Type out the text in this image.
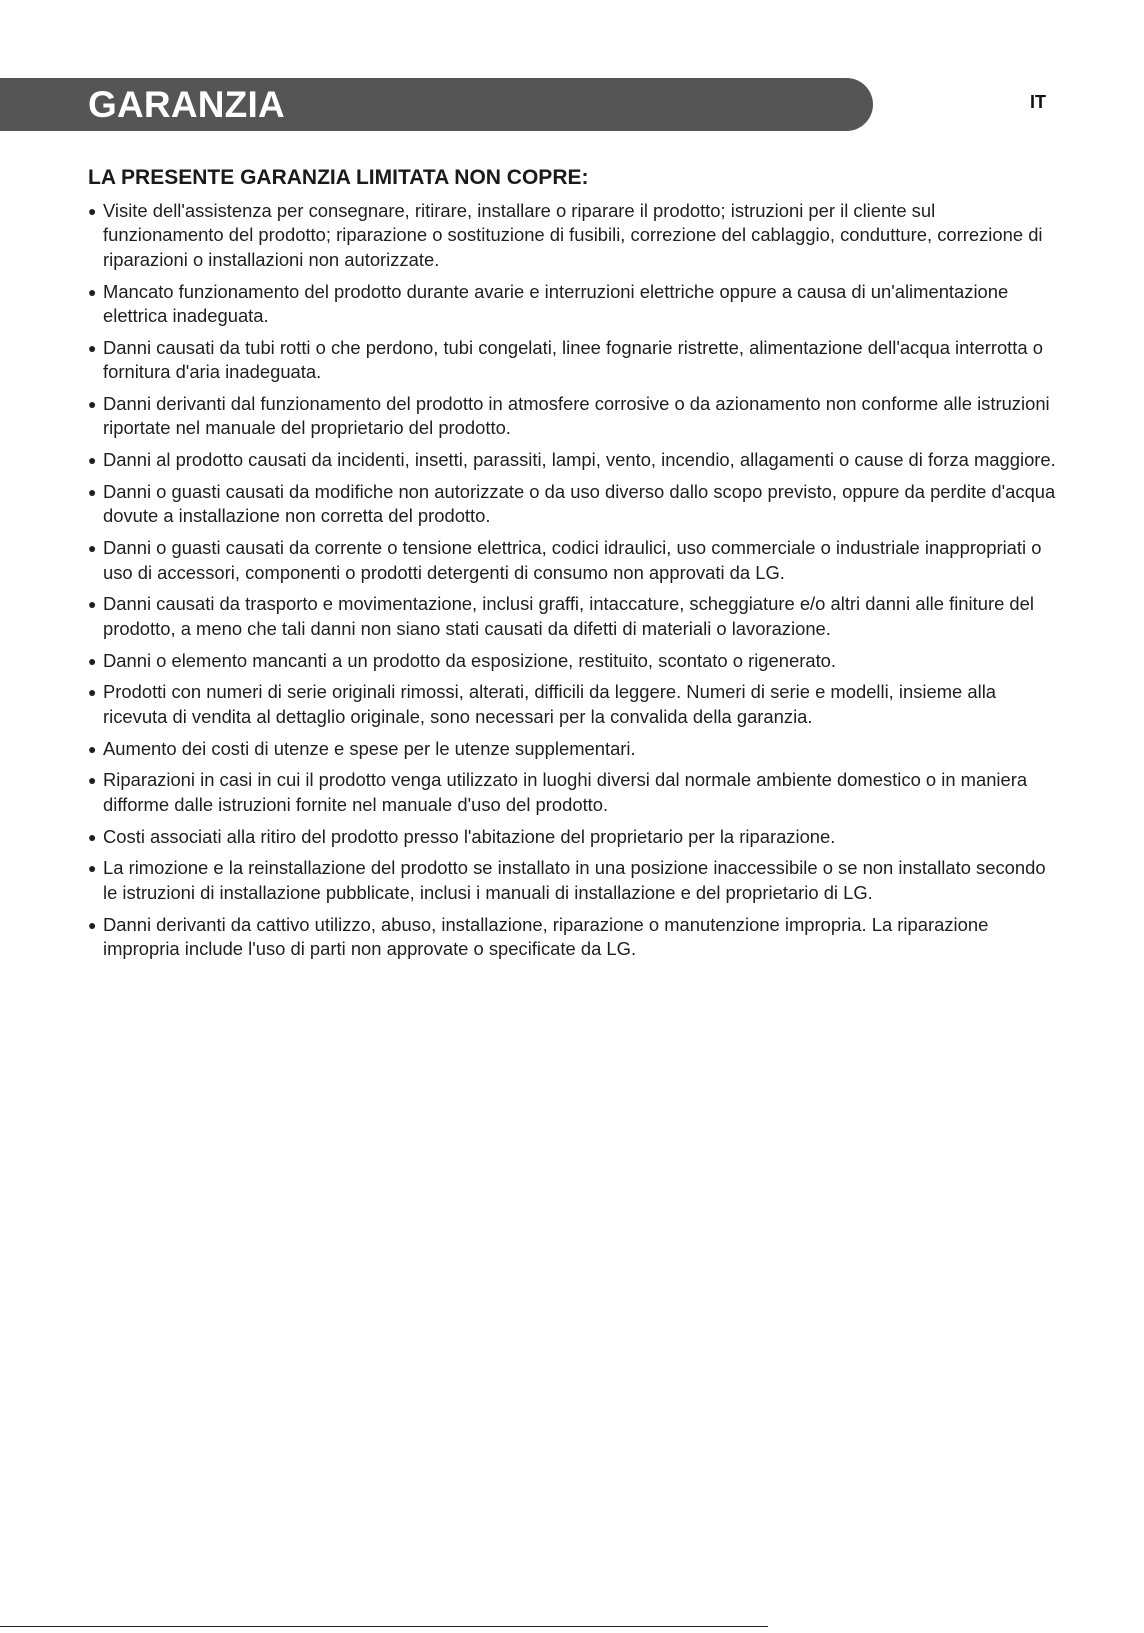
GARANZIA	IT
LA PRESENTE GARANZIA LIMITATA NON COPRE:
● Visite dell'assistenza per consegnare, ritirare, installare o riparare il prodotto; istruzioni per il cliente sul funzionamento del prodotto; riparazione o sostituzione di fusibili, correzione del cablaggio, condutture, correzione di riparazioni o installazioni non autorizzate.
● Mancato funzionamento del prodotto durante avarie e interruzioni elettriche oppure a causa di un'alimentazione elettrica inadeguata.
● Danni causati da tubi rotti o che perdono, tubi congelati, linee fognarie ristrette, alimentazione dell'acqua interrotta o fornitura d'aria inadeguata.
● Danni derivanti dal funzionamento del prodotto in atmosfere corrosive o da azionamento non conforme alle istruzioni riportate nel manuale del proprietario del prodotto.
● Danni al prodotto causati da incidenti, insetti, parassiti, lampi, vento, incendio, allagamenti o cause di forza maggiore.
● Danni o guasti causati da modifiche non autorizzate o da uso diverso dallo scopo previsto, oppure da perdite d'acqua dovute a installazione non corretta del prodotto.
● Danni o guasti causati da corrente o tensione elettrica, codici idraulici, uso commerciale o industriale inappropriati o uso di accessori, componenti o prodotti detergenti di consumo non approvati da LG.
● Danni causati da trasporto e movimentazione, inclusi graffi, intaccature, scheggiature e/o altri danni alle finiture del prodotto, a meno che tali danni non siano stati causati da difetti di materiali o lavorazione.
● Danni o elemento mancanti a un prodotto da esposizione, restituito, scontato o rigenerato.
● Prodotti con numeri di serie originali rimossi, alterati, difficili da leggere. Numeri di serie e modelli, insieme alla ricevuta di vendita al dettaglio originale, sono necessari per la convalida della garanzia.
● Aumento dei costi di utenze e spese per le utenze supplementari.
● Riparazioni in casi in cui il prodotto venga utilizzato in luoghi diversi dal normale ambiente domestico o in maniera difforme dalle istruzioni fornite nel manuale d'uso del prodotto.
● Costi associati alla ritiro del prodotto presso l'abitazione del proprietario per la riparazione.
● La rimozione e la reinstallazione del prodotto se installato in una posizione inaccessibile o se non installato secondo le istruzioni di installazione pubblicate, inclusi i manuali di installazione e del proprietario di LG.
● Danni derivanti da cattivo utilizzo, abuso, installazione, riparazione o manutenzione impropria. La riparazione impropria include l'uso di parti non approvate o specificate da LG.
